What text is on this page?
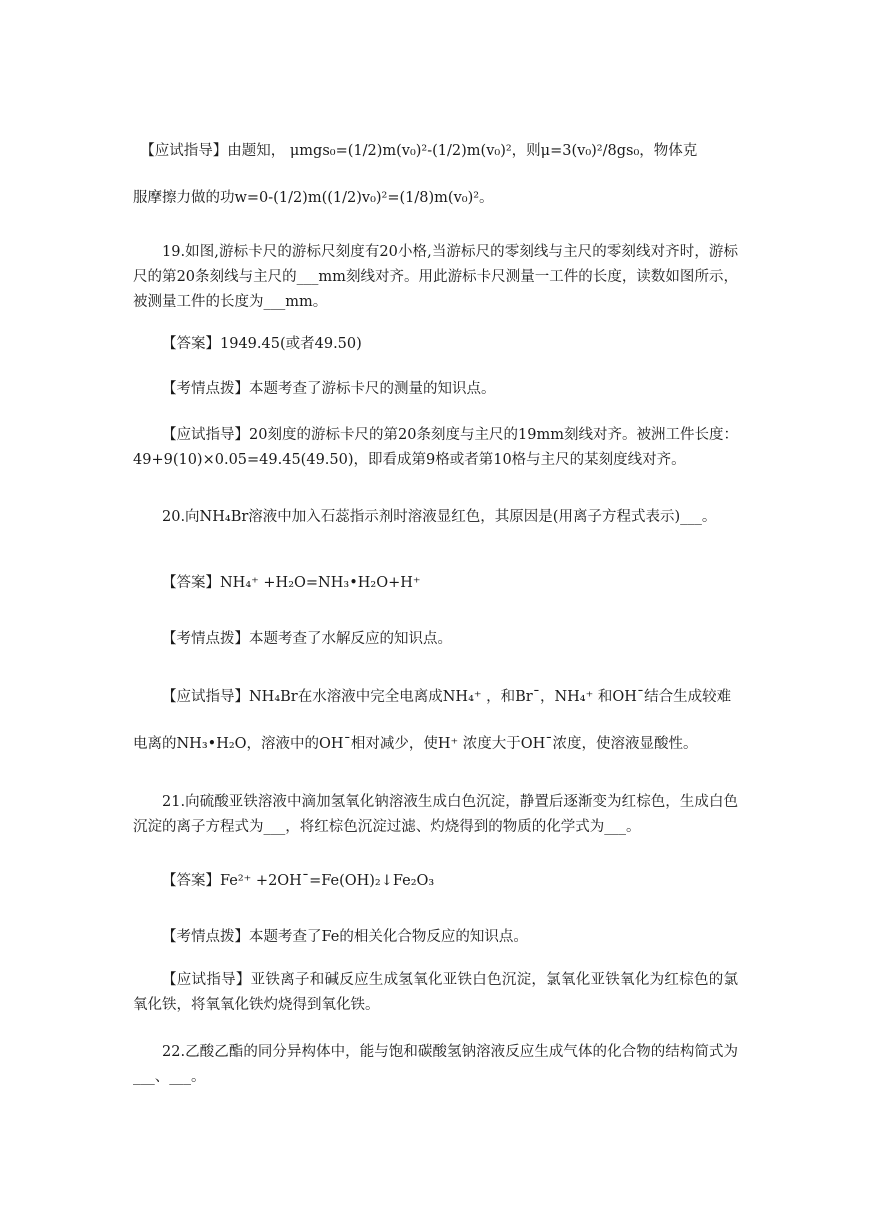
　【应试指导】由题知， μmgs₀=(1/2)m(v₀)²-(1/2)m(v₀)²，则μ=3(v₀)²/8gs₀，物体克
服摩擦力做的功w=0-(1/2)m((1/2)v₀)²=(1/8)m(v₀)²。
19.如图,游标卡尺的游标尺刻度有20小格,当游标尺的零刻线与主尺的零刻线对齐时，游标尺的第20条刻线与主尺的___mm刻线对齐。用此游标卡尺测量一工件的长度，读数如图所示，被测量工件的长度为___mm。
【答案】1949.45(或者49.50)
【考情点拨】本题考查了游标卡尺的测量的知识点。
【应试指导】20刻度的游标卡尺的第20条刻度与主尺的19mm刻线对齐。被洲工件长度：49+9(10)×0.05=49.45(49.50)，即看成第9格或者第10格与主尺的某刻度线对齐。
20.向NH₄Br溶液中加入石蕊指示剂时溶液显红色，其原因是(用离子方程式表示)___。
【答案】NH₄⁺ +H₂O=NH₃•H₂O+H⁺
【考情点拨】本题考查了水解反应的知识点。
【应试指导】NH₄Br在水溶液中完全电离成NH₄⁺ ，和Br¯，NH₄⁺ 和OH¯结合生成较难
电离的NH₃•H₂O，溶液中的OH¯相对减少，使H⁺ 浓度大于OH¯浓度，使溶液显酸性。
21.向硫酸亚铁溶液中滴加氢氧化钠溶液生成白色沉淀，静置后逐渐变为红棕色，生成白色沉淀的离子方程式为___，将红棕色沉淀过滤、灼烧得到的物质的化学式为___。
【答案】Fe²⁺ +2OH¯=Fe(OH)₂↓Fe₂O₃
【考情点拨】本题考查了Fe的相关化合物反应的知识点。
【应试指导】亚铁离子和碱反应生成氢氧化亚铁白色沉淀，氯氧化亚铁氧化为红棕色的氯氧化铁，将氧氧化铁灼烧得到氧化铁。
22.乙酸乙酯的同分异构体中，能与饱和碳酸氢钠溶液反应生成气体的化合物的结构简式为___、___。
